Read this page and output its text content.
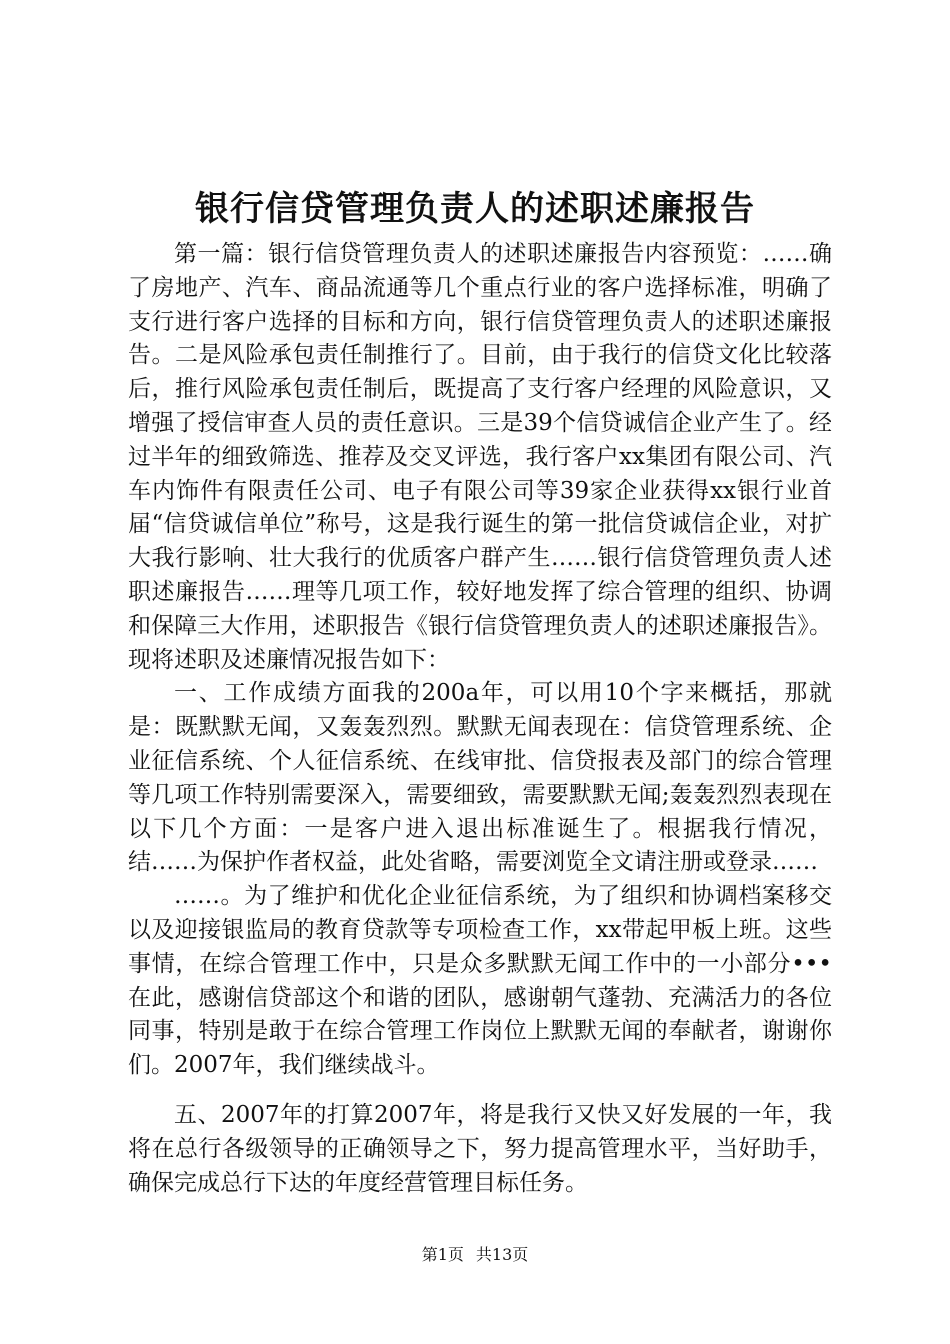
银行信贷管理负责人的述职述廉报告

第一篇：银行信贷管理负责人的述职述廉报告内容预览：……确了房地产、汽车、商品流通等几个重点行业的客户选择标准，明确了支行进行客户选择的目标和方向，银行信贷管理负责人的述职述廉报告。二是风险承包责任制推行了。目前，由于我行的信贷文化比较落后，推行风险承包责任制后，既提高了支行客户经理的风险意识，又增强了授信审查人员的责任意识。三是39个信贷诚信企业产生了。经过半年的细致筛选、推荐及交叉评选，我行客户xx集团有限公司、汽车内饰件有限责任公司、电子有限公司等39家企业获得xx银行业首届“信贷诚信单位”称号，这是我行诞生的第一批信贷诚信企业，对扩大我行影响、壮大我行的优质客户群产生……银行信贷管理负责人述职述廉报告……理等几项工作，较好地发挥了综合管理的组织、协调和保障三大作用，述职报告《银行信贷管理负责人的述职述廉报告》。现将述职及述廉情况报告如下：

一、工作成绩方面我的200a年，可以用10个字来概括，那就是：既默默无闻，又轰轰烈烈。默默无闻表现在：信贷管理系统、企业征信系统、个人征信系统、在线审批、信贷报表及部门的综合管理等几项工作特别需要深入，需要细致，需要默默无闻;轰轰烈烈表现在以下几个方面：一是客户进入退出标准诞生了。根据我行情况，结……为保护作者权益，此处省略，需要浏览全文请注册或登录……

……。为了维护和优化企业征信系统，为了组织和协调档案移交以及迎接银监局的教育贷款等专项检查工作，xx带起甲板上班。这些事情，在综合管理工作中，只是众多默默无闻工作中的一小部分•••在此，感谢信贷部这个和谐的团队，感谢朝气蓬勃、充满活力的各位同事，特别是敢于在综合管理工作岗位上默默无闻的奉献者，谢谢你们。2007年，我们继续战斗。

五、2007年的打算2007年，将是我行又快又好发展的一年，我将在总行各级领导的正确领导之下，努力提高管理水平，当好助手，确保完成总行下达的年度经营管理目标任务。

第1页 共13页
